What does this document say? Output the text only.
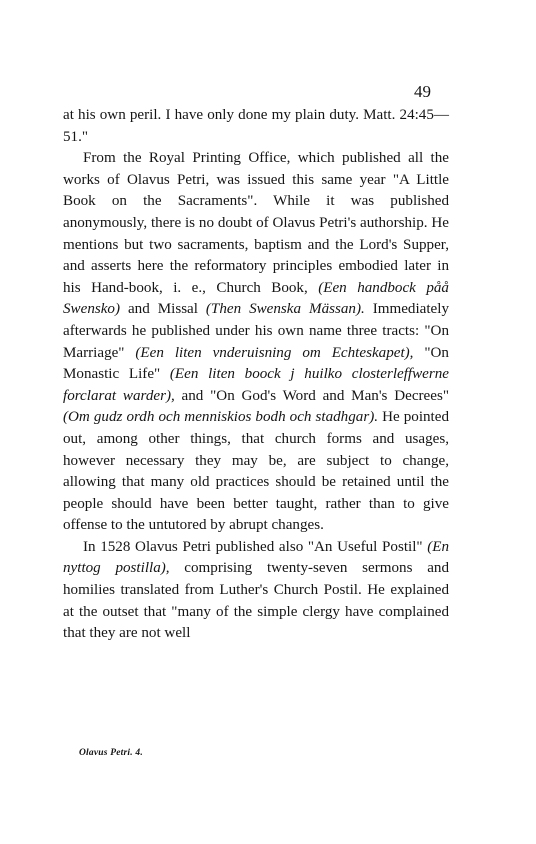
49

at his own peril. I have only done my plain duty. Matt. 24:45—51."

From the Royal Printing Office, which published all the works of Olavus Petri, was issued this same year "A Little Book on the Sacraments". While it was published anonymously, there is no doubt of Olavus Petri's authorship. He mentions but two sacraments, baptism and the Lord's Supper, and asserts here the reformatory principles embodied later in his Hand-book, i. e., Church Book, (Een handbock påå Swensko) and Missal (Then Swenska Mässan). Immediately afterwards he published under his own name three tracts: "On Marriage" (Een liten vnderuisning om Echteskapet), "On Monastic Life" (Een liten boock j huilko closterleffwerne forclarat warder), and "On God's Word and Man's Decrees" (Om gudz ordh och menniskios bodh och stadhgar). He pointed out, among other things, that church forms and usages, however necessary they may be, are subject to change, allowing that many old practices should be retained until the people should have been better taught, rather than to give offense to the untutored by abrupt changes.

In 1528 Olavus Petri published also "An Useful Postil" (En nyttog postilla), comprising twenty-seven sermons and homilies translated from Luther's Church Postil. He explained at the outset that "many of the simple clergy have complained that they are not well

Olavus Petri. 4.
